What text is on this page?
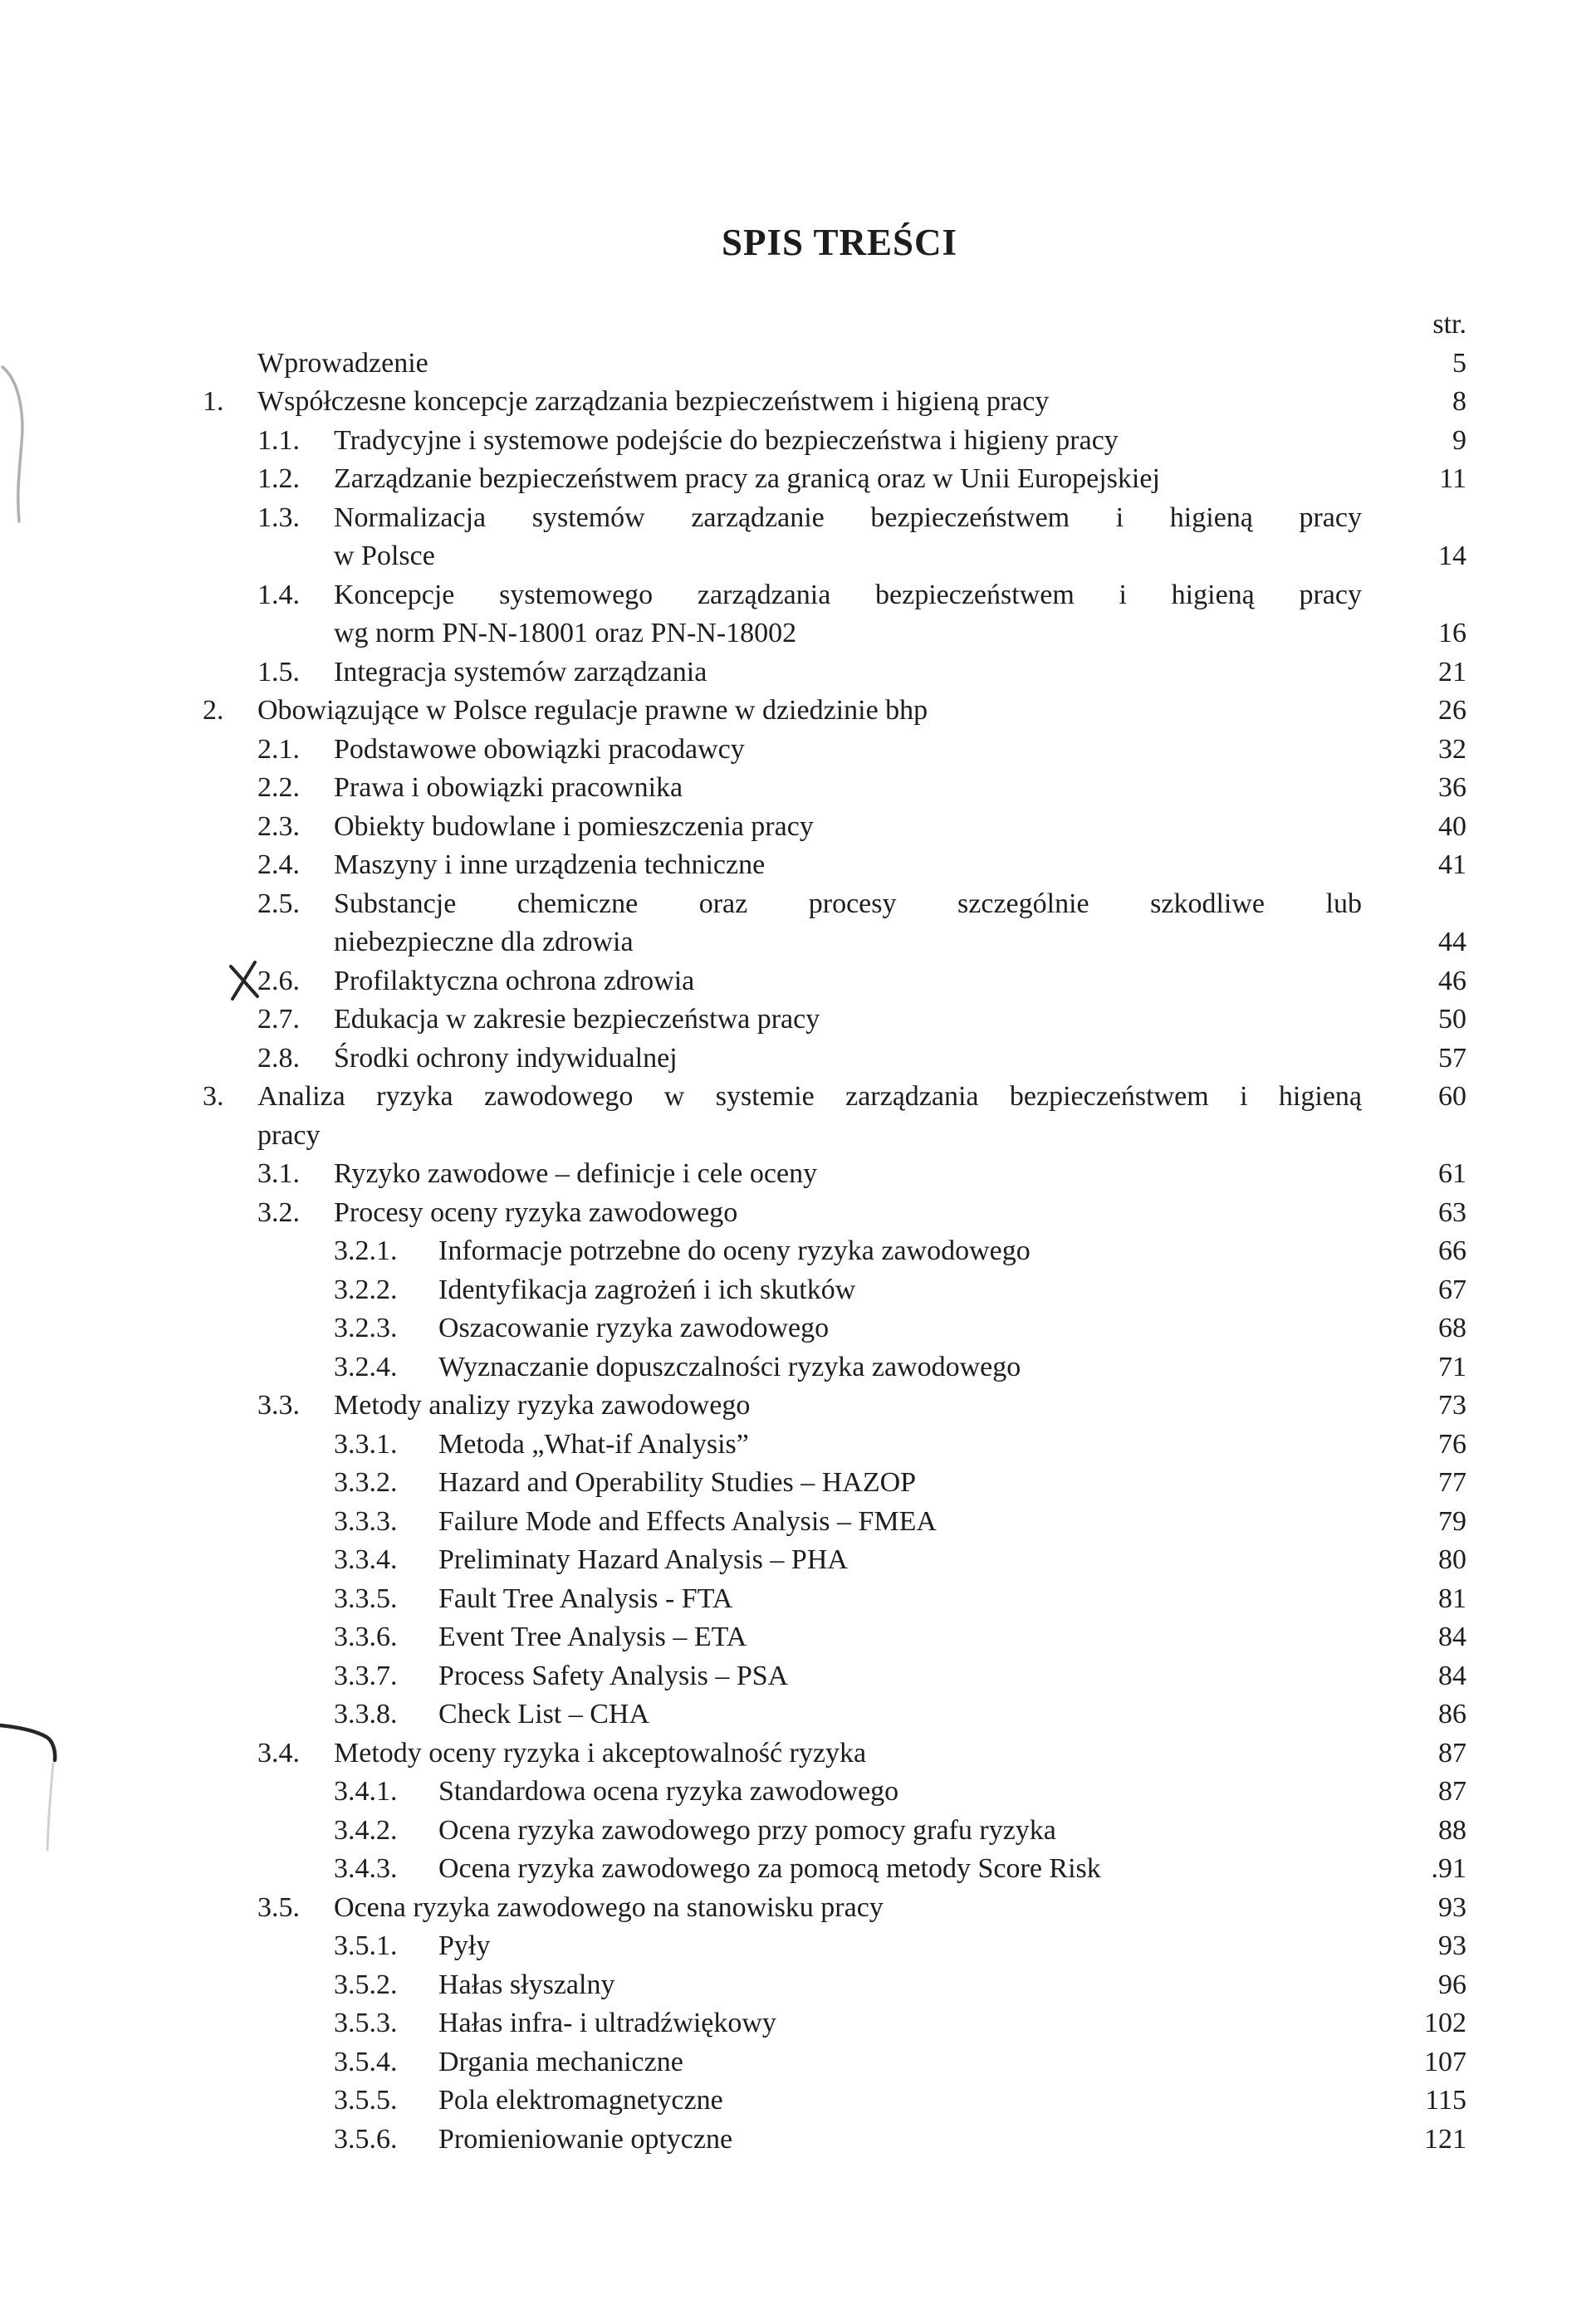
SPIS TREŚCI
str.
Wprowadzenie	5
1. Współczesne koncepcje zarządzania bezpieczeństwem i higieną pracy	8
1.1. Tradycyjne i systemowe podejście do bezpieczeństwa i higieny pracy	9
1.2. Zarządzanie bezpieczeństwem pracy za granicą oraz w Unii Europejskiej	11
1.3. Normalizacja systemów zarządzanie bezpieczeństwem i higieną pracy
w Polsce	14
1.4. Koncepcje systemowego zarządzania bezpieczeństwem i higieną pracy
wg norm PN-N-18001 oraz PN-N-18002	16
1.5. Integracja systemów zarządzania	21
2. Obowiązujące w Polsce regulacje prawne w dziedzinie bhp	26
2.1. Podstawowe obowiązki pracodawcy	32
2.2. Prawa i obowiązki pracownika	36
2.3. Obiekty budowlane i pomieszczenia pracy	40
2.4. Maszyny i inne urządzenia techniczne	41
2.5. Substancje chemiczne oraz procesy szczególnie szkodliwe lub
niebezpieczne dla zdrowia	44
2.6. Profilaktyczna ochrona zdrowia	46
2.7. Edukacja w zakresie bezpieczeństwa pracy	50
2.8. Środki ochrony indywidualnej	57
3. Analiza ryzyka zawodowego w systemie zarządzania bezpieczeństwem i higieną	60
pracy
3.1. Ryzyko zawodowe – definicje i cele oceny	61
3.2. Procesy oceny ryzyka zawodowego	63
3.2.1. Informacje potrzebne do oceny ryzyka zawodowego	66
3.2.2. Identyfikacja zagrożeń i ich skutków	67
3.2.3. Oszacowanie ryzyka zawodowego	68
3.2.4. Wyznaczanie dopuszczalności ryzyka zawodowego	71
3.3. Metody analizy ryzyka zawodowego	73
3.3.1. Metoda „What-if Analysis”	76
3.3.2. Hazard and Operability Studies – HAZOP	77
3.3.3. Failure Mode and Effects Analysis – FMEA	79
3.3.4. Preliminaty Hazard Analysis – PHA	80
3.3.5. Fault Tree Analysis - FTA	81
3.3.6. Event Tree Analysis – ETA	84
3.3.7. Process Safety Analysis – PSA	84
3.3.8. Check List – CHA	86
3.4. Metody oceny ryzyka i akceptowalność ryzyka	87
3.4.1. Standardowa ocena ryzyka zawodowego	87
3.4.2. Ocena ryzyka zawodowego przy pomocy grafu ryzyka	88
3.4.3. Ocena ryzyka zawodowego za pomocą metody Score Risk	.91
3.5. Ocena ryzyka zawodowego na stanowisku pracy	93
3.5.1. Pyły	93
3.5.2. Hałas słyszalny	96
3.5.3. Hałas infra- i ultradźwiękowy	102
3.5.4. Drgania mechaniczne	107
3.5.5. Pola elektromagnetyczne	115
3.5.6. Promieniowanie optyczne	121
